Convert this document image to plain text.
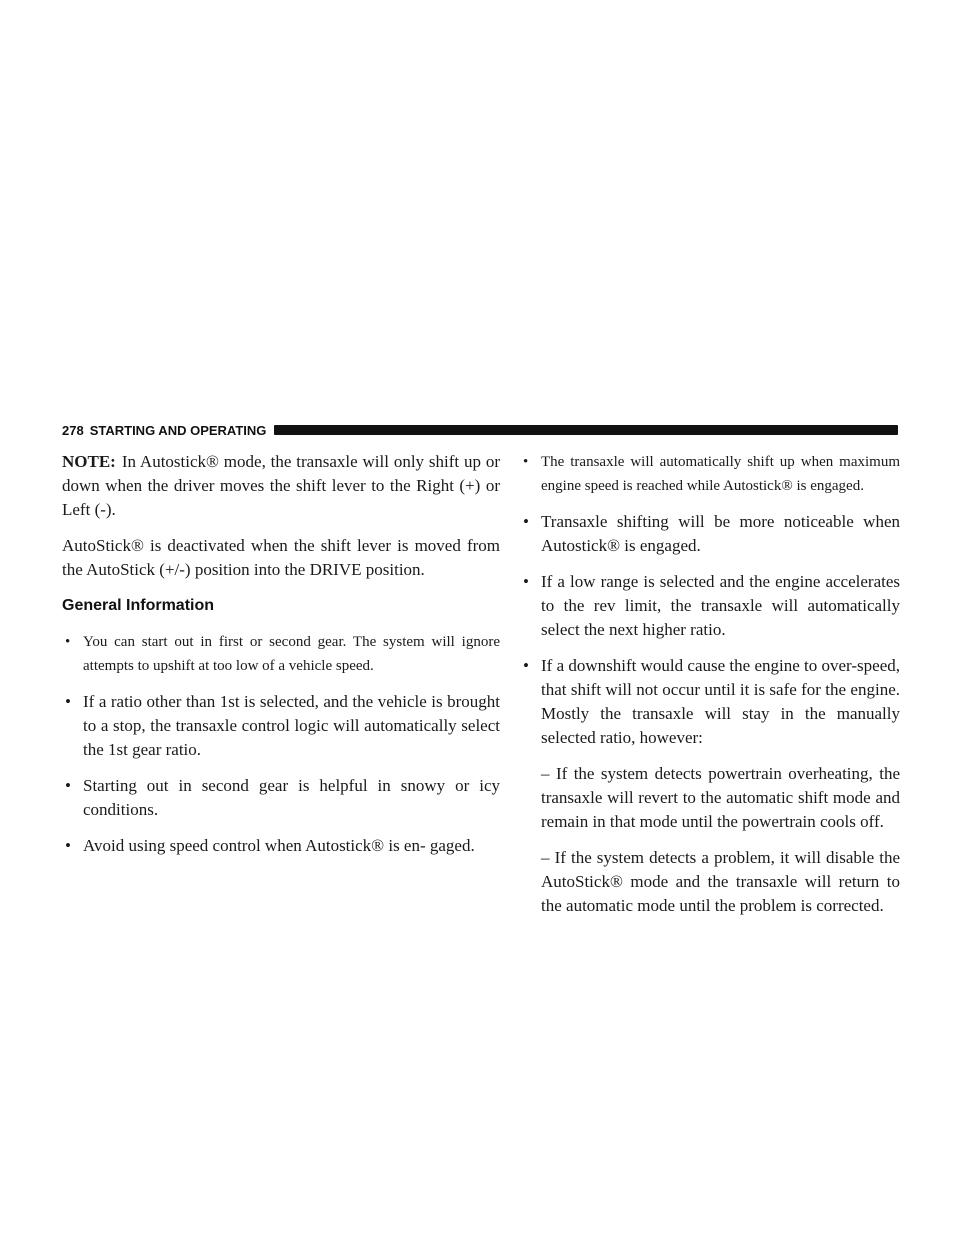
278 STARTING AND OPERATING

NOTE: In Autostick® mode, the transaxle will only shift up or down when the driver moves the shift lever to the Right (+) or Left (-).

AutoStick® is deactivated when the shift lever is moved from the AutoStick (+/-) position into the DRIVE position.

General Information
• You can start out in first or second gear. The system will ignore attempts to upshift at too low of a vehicle speed.
• If a ratio other than 1st is selected, and the vehicle is brought to a stop, the transaxle control logic will automatically select the 1st gear ratio.
• Starting out in second gear is helpful in snowy or icy conditions.
• Avoid using speed control when Autostick® is en- gaged.
• The transaxle will automatically shift up when maximum engine speed is reached while Autostick® is engaged.
• Transaxle shifting will be more noticeable when Autostick® is engaged.
• If a low range is selected and the engine accelerates to the rev limit, the transaxle will automatically select the next higher ratio.
• If a downshift would cause the engine to over-speed, that shift will not occur until it is safe for the engine. Mostly the transaxle will stay in the manually selected ratio, however:

– If the system detects powertrain overheating, the transaxle will revert to the automatic shift mode and remain in that mode until the powertrain cools off.

– If the system detects a problem, it will disable the AutoStick® mode and the transaxle will return to the automatic mode until the problem is corrected.
